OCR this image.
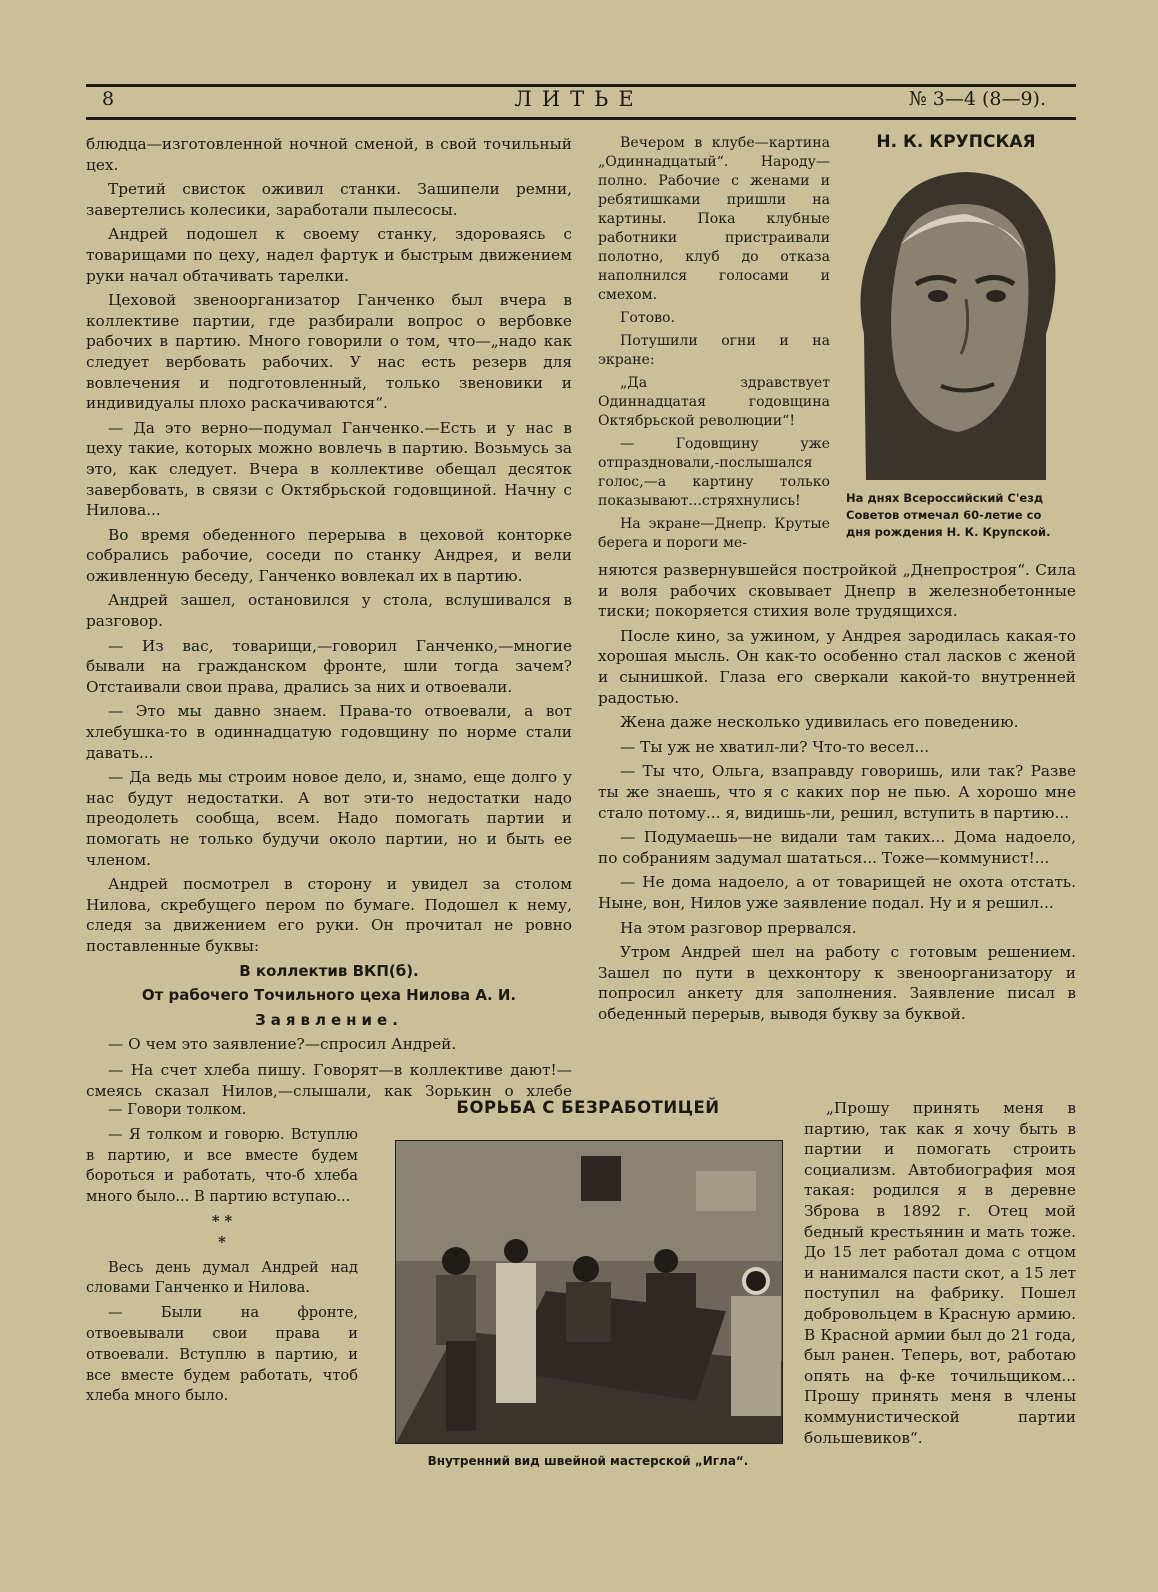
8	ЛИТЬЕ	№ 3—4 (8—9).

блюдца—изготовленной ночной сменой, в свой точильный цех.

Третий свисток оживил станки. Зашипели ремни, завертелись колесики, заработали пылесосы.

Андрей подошел к своему станку, здороваясь с товарищами по цеху, надел фартук и быстрым движением руки начал обтачивать тарелки.

Цеховой звеноорганизатор Ганченко был вчера в коллективе партии, где разбирали вопрос о вербовке рабочих в партию. Много говорили о том, что—„надо как следует вербовать рабочих. У нас есть резерв для вовлечения и подготовленный, только звеновики и индивидуалы плохо раскачиваются“.

— Да это верно—подумал Ганченко.—Есть и у нас в цеху такие, которых можно вовлечь в партию. Возьмусь за это, как следует. Вчера в коллективе обещал десяток завербовать, в связи с Октябрьской годовщиной. Начну с Нилова...

Во время обеденного перерыва в цеховой конторке собрались рабочие, соседи по станку Андрея, и вели оживленную беседу, Ганченко вовлекал их в партию.

Андрей зашел, остановился у стола, вслушивался в разговор.

— Из вас, товарищи,—говорил Ганченко,—многие бывали на гражданском фронте, шли тогда зачем? Отстаивали свои права, дрались за них и отвоевали.

— Это мы давно знаем. Права-то отвоевали, а вот хлебушка-то в одиннадцатую годовщину по норме стали давать...

— Да ведь мы строим новое дело, и, знамо, еще долго у нас будут недостатки. А вот эти-то недостатки надо преодолеть сообща, всем. Надо помогать партии и помогать не только будучи около партии, но и быть ее членом.

Андрей посмотрел в сторону и увидел за столом Нилова, скребущего пером по бумаге. Подошел к нему, следя за движением его руки. Он прочитал не ровно поставленные буквы:

В коллектив ВКП(б).

От рабочего Точильного цеха Нилова А. И.

Заявление.

— О чем это заявление?—спросил Андрей.

— На счет хлеба пишу. Говорят—в коллективе дают!—смеясь сказал Нилов,—слышали, как Зорькин о хлебе

— Говори толком.

— Я толком и говорю. Вступлю в партию, и все вместе будем бороться и работать, что-б хлеба много было... В партию вступаю...

* *
*

Весь день думал Андрей над словами Ганченко и Нилова.

— Были на фронте, отвоевывали свои права и отвоевали. Вступлю в партию, и все вместе будем работать, чтоб хлеба много было.

Вечером в клубе—картина „Одиннадцатый“. Народу—полно. Рабочие с женами и ребятишками пришли на картины. Пока клубные работники пристраивали полотно, клуб до отказа наполнился голосами и смехом.

Готово.

Потушили огни и на экране:

„Да здравствует Одиннадцатая годовщина Октябрьской революции“!

— Годовщину уже отпраздновали,-послышался голос,—а картину только показывают...стряхнулись!

На экране—Днепр. Крутые берега и пороги ме-

Н. К. КРУПСКАЯ
На днях Всероссийский С'езд Советов отмечал 60-летие со дня рождения Н. К. Крупской.

няются развернувшейся постройкой „Днепростроя“. Сила и воля рабочих сковывает Днепр в железнобетонные тиски; покоряется стихия воле трудящихся.

После кино, за ужином, у Андрея зародилась какая-то хорошая мысль. Он как-то особенно стал ласков с женой и сынишкой. Глаза его сверкали какой-то внутренней радостью.

Жена даже несколько удивилась его поведению.

— Ты уж не хватил-ли? Что-то весел...

— Ты что, Ольга, взаправду говоришь, или так? Разве ты же знаешь, что я с каких пор не пью. А хорошо мне стало потому... я, видишь-ли, решил, вступить в партию...

— Подумаешь—не видали там таких... Дома надоело, по собраниям задумал шататься... Тоже—коммунист!...

— Не дома надоело, а от товарищей не охота отстать. Ныне, вон, Нилов уже заявление подал. Ну и я решил...

На этом разговор прервался.

Утром Андрей шел на работу с готовым решением. Зашел по пути в цехконтору к звеноорганизатору и попросил анкету для заполнения. Заявление писал в обеденный перерыв, выводя букву за буквой.

БОРЬБА С БЕЗРАБОТИЦЕЙ
Внутренний вид швейной мастерской „Игла“.

„Прошу принять меня в партию, так как я хочу быть в партии и помогать строить социализм. Автобиография моя такая: родился я в деревне Зброва в 1892 г. Отец мой бедный крестьянин и мать тоже. До 15 лет работал дома с отцом и нанимался пасти скот, а 15 лет поступил на фабрику. Пошел добровольцем в Красную армию. В Красной армии был до 21 года, был ранен. Теперь, вот, работаю опять на ф-ке точильщиком... Прошу принять меня в члены коммунистической партии большевиков“.
